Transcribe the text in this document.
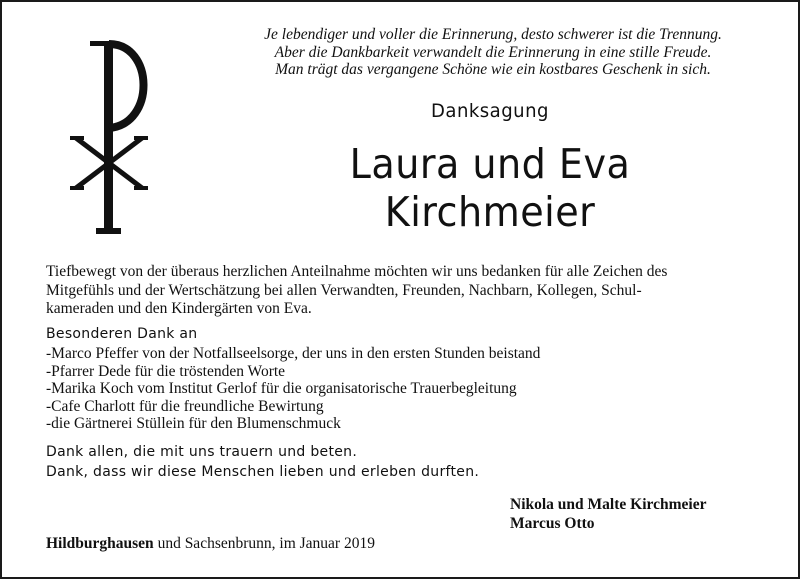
Je lebendiger und voller die Erinnerung, desto schwerer ist die Trennung.
Aber die Dankbarkeit verwandelt die Erinnerung in eine stille Freude.
Man trägt das vergangene Schöne wie ein kostbares Geschenk in sich.
Danksagung
Laura und Eva
Kirchmeier
Tiefbewegt von der überaus herzlichen Anteilnahme möchten wir uns bedanken für alle Zeichen des
Mitgefühls und der Wertschätzung bei allen Verwandten, Freunden, Nachbarn, Kollegen, Schul-
kameraden und den Kindergärten von Eva.
Besonderen Dank an
-Marco Pfeffer von der Notfallseelsorge, der uns in den ersten Stunden beistand
-Pfarrer Dede für die tröstenden Worte
-Marika Koch vom Institut Gerlof für die organisatorische Trauerbegleitung
-Cafe Charlott für die freundliche Bewirtung
-die Gärtnerei Stüllein für den Blumenschmuck
Dank allen, die mit uns trauern und beten.
Dank, dass wir diese Menschen lieben und erleben durften.
Nikola und Malte Kirchmeier
Marcus Otto
Hildburghausen und Sachsenbrunn, im Januar 2019
